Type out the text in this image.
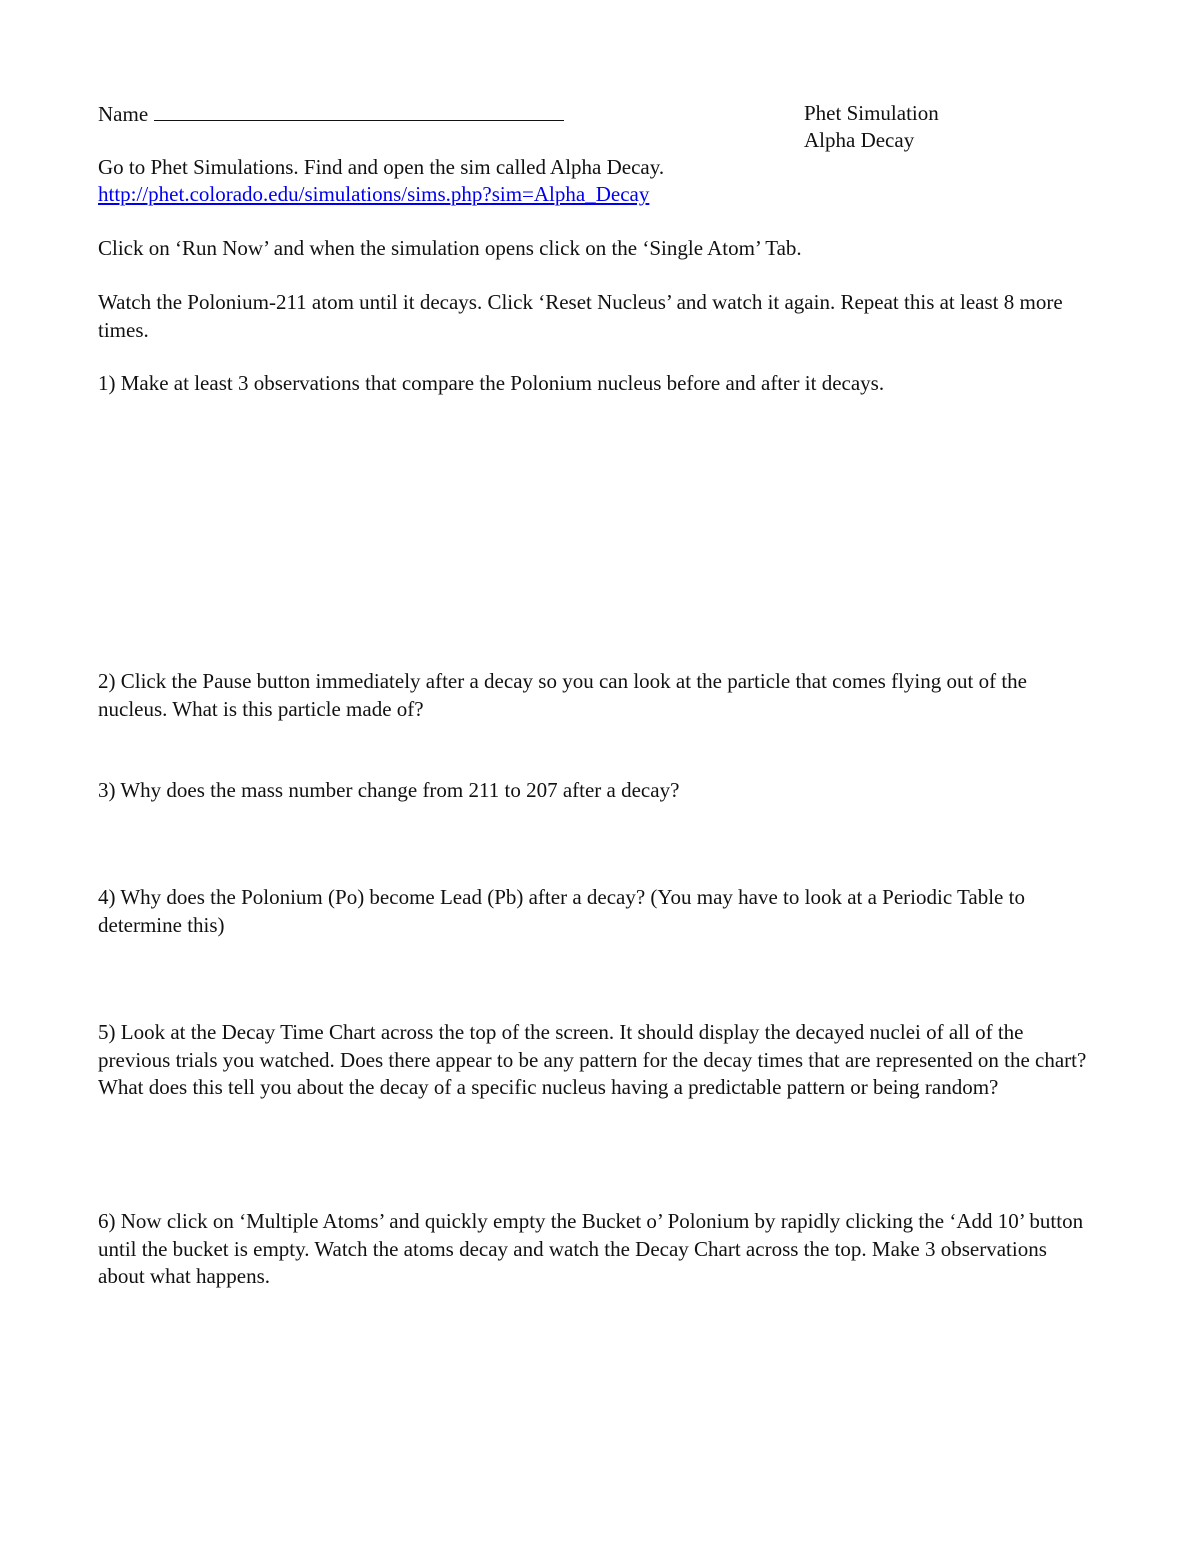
Name	Phet Simulation
Alpha Decay

Go to Phet Simulations. Find and open the sim called Alpha Decay.

http://phet.colorado.edu/simulations/sims.php?sim=Alpha_Decay

Click on ‘Run Now’ and when the simulation opens click on the ‘Single Atom’ Tab.

Watch the Polonium-211 atom until it decays. Click ‘Reset Nucleus’ and watch it again. Repeat this at least 8 more times.

1) Make at least 3 observations that compare the Polonium nucleus before and after it decays.

2) Click the Pause button immediately after a decay so you can look at the particle that comes flying out of the nucleus. What is this particle made of?

3) Why does the mass number change from 211 to 207 after a decay?

4) Why does the Polonium (Po) become Lead (Pb) after a decay? (You may have to look at a Periodic Table to determine this)

5) Look at the Decay Time Chart across the top of the screen. It should display the decayed nuclei of all of the previous trials you watched. Does there appear to be any pattern for the decay times that are represented on the chart? What does this tell you about the decay of a specific nucleus having a predictable pattern or being random?

6) Now click on ‘Multiple Atoms’ and quickly empty the Bucket o’ Polonium by rapidly clicking the ‘Add 10’ button until the bucket is empty. Watch the atoms decay and watch the Decay Chart across the top. Make 3 observations about what happens.
